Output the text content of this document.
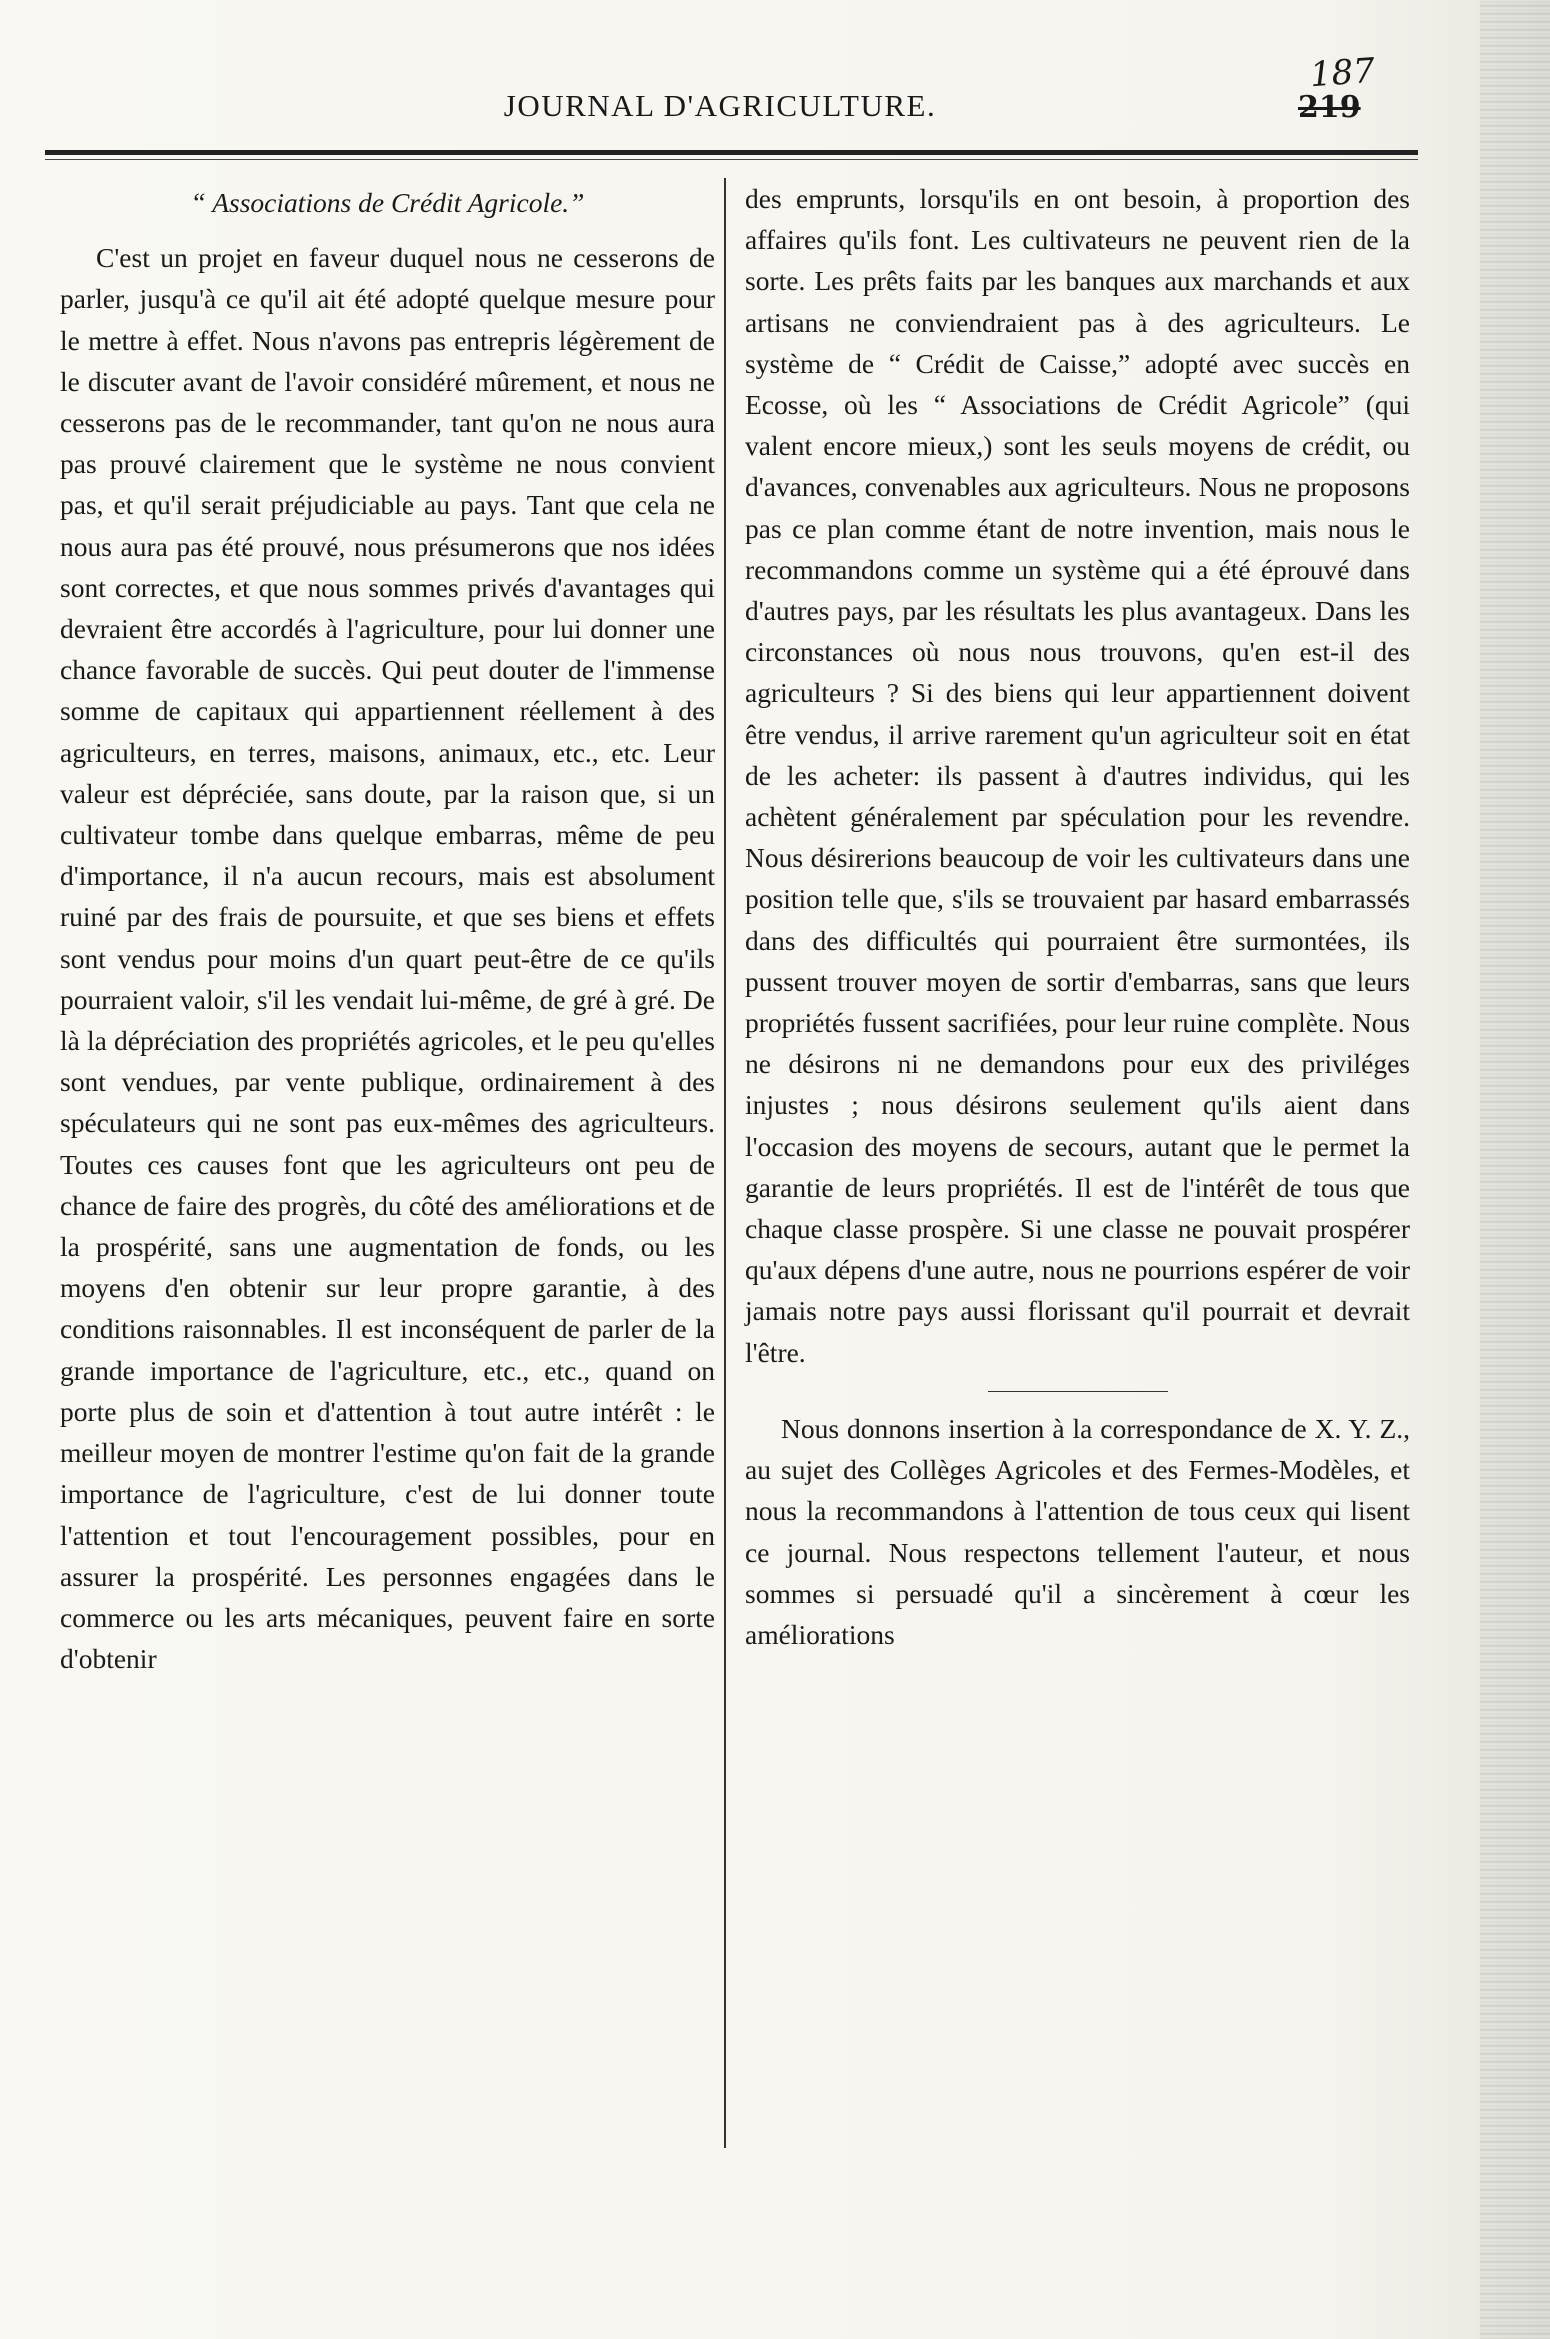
JOURNAL D'AGRICULTURE.
187
219

“ Associations de Crédit Agricole.”

C'est un projet en faveur duquel nous ne cesserons de parler, jusqu'à ce qu'il ait été adopté quelque mesure pour le mettre à effet. Nous n'avons pas entrepris légèrement de le discuter avant de l'avoir considéré mûrement, et nous ne cesserons pas de le recommander, tant qu'on ne nous aura pas prouvé clairement que le système ne nous convient pas, et qu'il serait préjudiciable au pays. Tant que cela ne nous aura pas été prouvé, nous présumerons que nos idées sont correctes, et que nous sommes privés d'avantages qui devraient être accordés à l'agriculture, pour lui donner une chance favorable de succès. Qui peut douter de l'immense somme de capitaux qui appartiennent réellement à des agriculteurs, en terres, maisons, animaux, etc., etc. Leur valeur est dépréciée, sans doute, par la raison que, si un cultivateur tombe dans quelque embarras, même de peu d'importance, il n'a aucun recours, mais est absolument ruiné par des frais de poursuite, et que ses biens et effets sont vendus pour moins d'un quart peut-être de ce qu'ils pourraient valoir, s'il les vendait lui-même, de gré à gré. De là la dépréciation des propriétés agricoles, et le peu qu'elles sont vendues, par vente publique, ordinairement à des spéculateurs qui ne sont pas eux-mêmes des agriculteurs. Toutes ces causes font que les agriculteurs ont peu de chance de faire des progrès, du côté des améliorations et de la prospérité, sans une augmentation de fonds, ou les moyens d'en obtenir sur leur propre garantie, à des conditions raisonnables. Il est inconséquent de parler de la grande importance de l'agriculture, etc., etc., quand on porte plus de soin et d'attention à tout autre intérêt : le meilleur moyen de montrer l'estime qu'on fait de la grande importance de l'agriculture, c'est de lui donner toute l'attention et tout l'encouragement possibles, pour en assurer la prospérité. Les personnes engagées dans le commerce ou les arts mécaniques, peuvent faire en sorte d'obtenir

des emprunts, lorsqu'ils en ont besoin, à proportion des affaires qu'ils font. Les cultivateurs ne peuvent rien de la sorte. Les prêts faits par les banques aux marchands et aux artisans ne conviendraient pas à des agriculteurs. Le système de “ Crédit de Caisse,” adopté avec succès en Ecosse, où les “ Associations de Crédit Agricole” (qui valent encore mieux,) sont les seuls moyens de crédit, ou d'avances, convenables aux agriculteurs. Nous ne proposons pas ce plan comme étant de notre invention, mais nous le recommandons comme un système qui a été éprouvé dans d'autres pays, par les résultats les plus avantageux. Dans les circonstances où nous nous trouvons, qu'en est-il des agriculteurs ? Si des biens qui leur appartiennent doivent être vendus, il arrive rarement qu'un agriculteur soit en état de les acheter: ils passent à d'autres individus, qui les achètent généralement par spéculation pour les revendre. Nous désirerions beaucoup de voir les cultivateurs dans une position telle que, s'ils se trouvaient par hasard embarrassés dans des difficultés qui pourraient être surmontées, ils pussent trouver moyen de sortir d'embarras, sans que leurs propriétés fussent sacrifiées, pour leur ruine complète. Nous ne désirons ni ne demandons pour eux des priviléges injustes ; nous désirons seulement qu'ils aient dans l'occasion des moyens de secours, autant que le permet la garantie de leurs propriétés. Il est de l'intérêt de tous que chaque classe prospère. Si une classe ne pouvait prospérer qu'aux dépens d'une autre, nous ne pourrions espérer de voir jamais notre pays aussi florissant qu'il pourrait et devrait l'être.

Nous donnons insertion à la correspondance de X. Y. Z., au sujet des Collèges Agricoles et des Fermes-Modèles, et nous la recommandons à l'attention de tous ceux qui lisent ce journal. Nous respectons tellement l'auteur, et nous sommes si persuadé qu'il a sincèrement à cœur les améliorations
